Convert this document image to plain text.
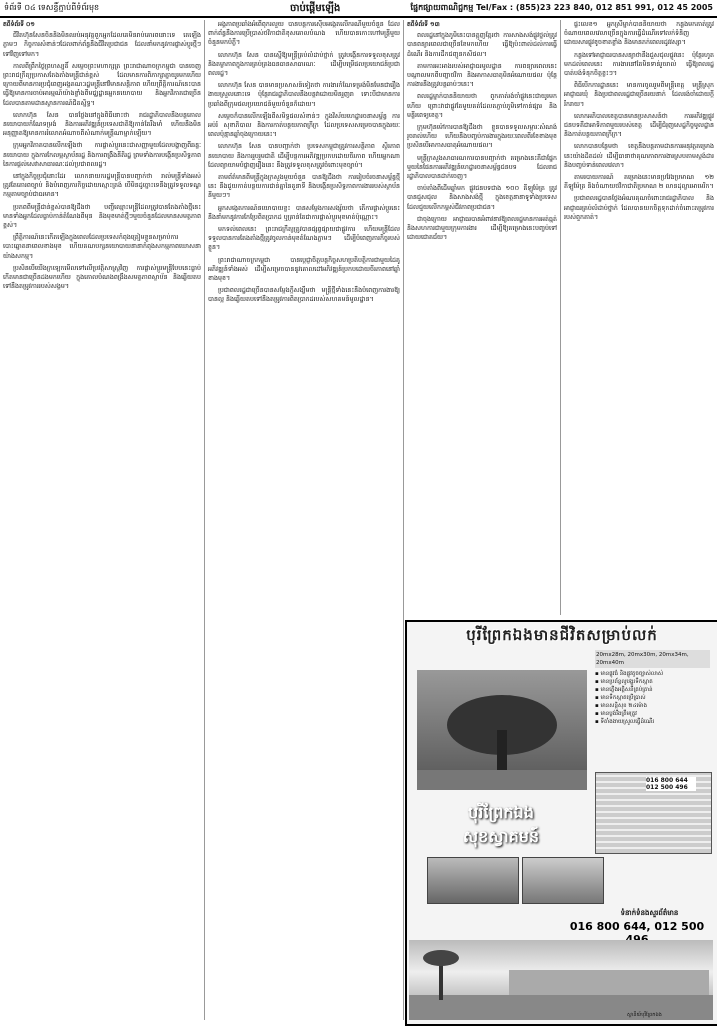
ទំព័រទី ០៤ ទេសន្ធិ៍ភ្ជាប់ពីទំព័រមុខ	ចាប់ផ្ដើមឡើង	ផ្នែកផ្សាយពាណិជ្ជកម្ម Tel/Fax : (855)23 223 840, 012 851 991, 012 45 2005
តពីទំព័រទី ០១

ជីវិតហ៊ុនសែនចិននិងមិនឈប់អនុវត្តពួកអ្នកដែលគេមិនរាប់គោរពនោះទេ គេឡើងភ្លាមៗ កិច្ចការសំខាន់ៗដែលពាក់ព័ន្ធនឹងជីវិតប្រជាជន ដែលនាំមកនូវការផ្លាស់ប្ដូរថ្មីៗ ទៅវិញទៅមក។

កាលពីព្រឹកថ្ងៃព្រហស្បតិ៍ សម្ដេចព្រះមហាក្សត្រ ព្រះរាជាណាចក្រកម្ពុជា បានចេញព្រះរាជក្រឹត្យប្រកាសតែងតាំងមន្ត្រីជាន់ខ្ពស់ ដែលមានការពិភាក្សាគ្នាយូរមកហើយ ក្រោយពីមានការប្រជុំពេញអង្គគណៈរដ្ឋមន្ត្រីនៅវិមានសន្តិភាព ហើយព្រឹត្តិការណ៍នេះបានធ្វើឱ្យមានការចាប់អារម្មណ៍យ៉ាងខ្លាំងពីមជ្ឈដ្ឋានអ្នកនយោបាយ និងអ្នកវិភាគជាច្រើន ដែលបានតាមដានស្ថានការណ៍ជិតស្និទ្ធ។

លោកហ៊ុន សែន បានថ្លែងនៅក្នុងពិធីនោះថា រាជរដ្ឋាភិបាលនឹងបន្តគោលនយោបាយកំណែទម្រង់ និងការអភិវឌ្ឍន៍ប្រទេសជាតិឱ្យកាន់តែរឹងមាំ ហើយនឹងមិនអនុញ្ញាតឱ្យមានការរំលោភអំណាចពីសំណាក់មន្ត្រីណាម្នាក់ឡើយ។

ក្រុមអ្នកវិភាគបានលើកឡើងថា ការផ្លាស់ប្ដូរនេះជាសញ្ញាមួយដែលបង្ហាញពីឆន្ទៈនយោបាយ ក្នុងការកែលម្អស្ថាប័នរដ្ឋ និងការពង្រឹងនីតិរដ្ឋ ព្រមទាំងការបង្កើនប្រសិទ្ធភាពនៃការផ្ដល់សេវាសាធារណៈដល់ប្រជាពលរដ្ឋ។

នៅក្នុងកិច្ចប្រជុំនោះដែរ លោកនាយករដ្ឋមន្ត្រីបានបញ្ជាក់ថា រាល់មន្ត្រីទាំងអស់ត្រូវតែគោរពច្បាប់ និងបំពេញភារកិច្ចដោយស្មោះត្រង់ បើមិនដូច្នោះទេនឹងត្រូវទទួលទណ្ឌកម្មតាមច្បាប់ជាធរមាន។

ប្រភពពីមន្ត្រីជាន់ខ្ពស់បានឱ្យដឹងថា បញ្ជីឈ្មោះមន្ត្រីដែលត្រូវបានតែងតាំងថ្មីនេះ មានទាំងអ្នកដែលធ្លាប់កាន់តំណែងពីមុន និងមុខមាត់ថ្មីៗមួយចំនួនដែលមានសមត្ថភាពខ្ពស់។

ព្រឹត្តិការណ៍នេះកើតឡើងក្នុងពេលដែលប្រទេសកំពុងត្រៀមខ្លួនសម្រាប់ការបោះឆ្នោតនាពេលខាងមុខ ហើយគណបក្សនយោបាយនានាកំពុងសកម្មភាពឃោសនាយ៉ាងសកម្ម។

ប្រសិនបើយើងក្រឡេកមើលទៅលើប្រវត្តិសាស្ត្រវិញ ការផ្លាស់ប្ដូរមន្ត្រីបែបនេះធ្លាប់កើតមានជាច្រើនដងមកហើយ ក្នុងគោលបំណងពង្រឹងសមត្ថភាពស្ថាប័ន និងឆ្លើយតបទៅនឹងតម្រូវការរបស់សង្គម។

អង្គភាពប្រឆាំងអំពើពុករលួយ បានបន្តការស៊ើបអង្កេតលើករណីមួយចំនួន ដែលពាក់ព័ន្ធនឹងការប្រើប្រាស់ថវិកាជាតិខុសគោលបំណង ហើយបានកោះហៅមន្ត្រីមួយចំនួនមកបំភ្លឺ។

លោកហ៊ុន សែន បានស្នើឱ្យមន្ត្រីគ្រប់លំដាប់ថ្នាក់ ត្រូវបង្កើនការទទួលខុសត្រូវ និងតម្លាភាពក្នុងការគ្រប់គ្រងធនធានសាធារណៈ ដើម្បីបម្រើផលប្រយោជន៍ប្រជាពលរដ្ឋ។

លោកហ៊ុន សែន បានមានប្រសាសន៍ទៀតថា ការងារកំណែទម្រង់មិនមែនជារឿងងាយស្រួលនោះទេ ប៉ុន្តែរាជរដ្ឋាភិបាលនឹងបន្តវាដោយមិនរួញរា ទោះបីជាមានការប្រឆាំងពីក្រុមផលប្រយោជន៍មួយចំនួនក៏ដោយ។

សម្ដេចក៏បានលើកឡើងពីសមិទ្ធផលសំខាន់ៗ ក្នុងវិស័យហេដ្ឋារចនាសម្ព័ន្ធ ការអប់រំ សុខាភិបាល និងការកាត់បន្ថយភាពក្រីក្រ ដែលប្រទេសសម្រេចបានក្នុងរយៈពេលប៉ុន្មានឆ្នាំចុងក្រោយនេះ។

លោកហ៊ុន សែន បានបញ្ជាក់ថា ប្រទេសកម្ពុជាត្រូវការសន្តិភាព ស្ថិរភាពនយោបាយ និងការរួបរួមជាតិ ដើម្បីបន្តការអភិវឌ្ឍប្រកបដោយចីរភាព ហើយអ្នកណាដែលព្យាយាមបំផ្លាញរឿងនេះ នឹងត្រូវទទួលខុសត្រូវចំពោះមុខច្បាប់។

តាមព័ត៌មានពីមន្ត្រីក្នុងក្រសួងមួយចំនួន បានឱ្យដឹងថា ការរៀបចំរចនាសម្ព័ន្ធថ្មីនេះ នឹងជួយកាត់បន្ថយការជាន់គ្នានៃតួនាទី និងបង្កើនប្រសិទ្ធភាពការងាររបស់ស្ថាប័ននីមួយៗ។

អ្នកសង្កេតការណ៍នយោបាយខ្លះ បានសម្ដែងការសង្ស័យថា តើការផ្លាស់ប្ដូរនេះ នឹងនាំមកនូវការកែប្រែពិតប្រាកដ ឬគ្រាន់តែជាការផ្លាស់ប្ដូរមុខមាត់ប៉ុណ្ណោះ។

មកទល់ពេលនេះ ព្រះរាជក្រឹត្យត្រូវបានផ្សព្វផ្សាយជាផ្លូវការ ហើយមន្ត្រីដែលទទួលបានការតែងតាំងថ្មីត្រូវចូលកាន់មុខតំណែងភ្លាមៗ ដើម្បីបំពេញភារកិច្ចរបស់ខ្លួន។

ព្រះរាជាណាចក្រកម្ពុជា បានប្ដេជ្ញាចិត្តបន្តកិច្ចសហប្រតិបត្តិការជាមួយដៃគូអភិវឌ្ឍន៍ទាំងអស់ ដើម្បីសម្រេចបាននូវគោលដៅអភិវឌ្ឍន៍ប្រកបដោយចីរភាពនៅឆ្នាំខាងមុខ។

ប្រជាពលរដ្ឋជាច្រើនបានសម្ដែងក្ដីសង្ឃឹមថា មន្ត្រីថ្មីទាំងនេះនឹងបំពេញការងារឱ្យបានល្អ និងឆ្លើយតបទៅនឹងតម្រូវការពិតប្រាកដរបស់សហគមន៍មូលដ្ឋាន។

តពីទំព័រទី ១៣

ពលរដ្ឋនៅក្នុងភូមិនេះបានត្អូញត្អែរថា ការសាងសង់ផ្លូវថ្នល់ត្រូវបានពន្យារពេលជាច្រើនខែមកហើយ ធ្វើឱ្យប៉ះពាល់ដល់ការធ្វើដំណើរ និងការដឹកជញ្ជូនកសិផល។

តាមការអះអាងរបស់អាជ្ញាធរមូលដ្ឋាន ការពន្យារពេលនេះបណ្ដាលមកពីបញ្ហាថវិកា និងអាកាសធាតុមិនអំណោយផល ប៉ុន្តែការងារនឹងត្រូវបន្តឆាប់ៗនេះ។

ពលរដ្ឋម្នាក់បាននិយាយថា ពួកគាត់រង់ចាំផ្លូវនេះជាយូរមកហើយ ព្រោះវាជាផ្លូវតែមួយគត់ដែលតភ្ជាប់ភូមិទៅកាន់ផ្សារ និងមន្ទីរពេទ្យខេត្ត។

ក្រុមហ៊ុនម៉ៅការបានឱ្យដឹងថា ខ្លួនបានទទួលសម្ភារៈសំណង់រួចរាល់ហើយ ហើយនឹងបញ្ចប់ការងារក្នុងរយៈពេលពីរខែខាងមុខ ប្រសិនបើអាកាសធាតុអំណោយផល។

មន្ត្រីក្រសួងសាធារណការបានបញ្ជាក់ថា គម្រោងនេះគឺជាផ្នែកមួយនៃផែនការអភិវឌ្ឍន៍ហេដ្ឋារចនាសម្ព័ន្ធជនបទ ដែលរាជរដ្ឋាភិបាលបានដាក់ចេញ។

ចាប់តាំងពីដើមឆ្នាំមក ផ្លូវជនបទជាង ១០០ គីឡូម៉ែត្រ ត្រូវបានជួសជុល និងសាងសង់ថ្មី ក្នុងខេត្តនានាទូទាំងប្រទេស ដែលជួយលើកកម្ពស់ជីវភាពប្រជាជន។

ជាចុងក្រោយ អាជ្ញាធរបានអំពាវនាវឱ្យពលរដ្ឋមានការអត់ធ្មត់ និងសហការជាមួយក្រុមការងារ ដើម្បីឱ្យគម្រោងនេះបញ្ចប់ទៅដោយជោគជ័យ។

ផ្ទះលេខ១ អ្នកស្រីម្នាក់បាននិយាយថា កន្លងមកគាត់ត្រូវចំណាយពេលវេលាច្រើនក្នុងការធ្វើដំណើរទៅលក់ទំនិញ ដោយសារផ្លូវខូចខាតខ្លាំង និងមានភក់ពេលរដូវវស្សា។

កន្លងទៅអាជ្ញាធរបានសន្យាថានឹងជួសជុលផ្លូវនេះ ប៉ុន្តែរហូតមកដល់ពេលនេះ ការងារនៅតែមិនទាន់រួចរាល់ ធ្វើឱ្យពលរដ្ឋបាត់បង់ទំនុកចិត្តខ្លះៗ។

ពិធីបើកការដ្ឋាននេះ មានការចូលរួមពីមន្ត្រីខេត្ត មន្ត្រីស្រុក អាជ្ញាធរឃុំ និងប្រជាពលរដ្ឋជាច្រើនរយនាក់ ដែលរង់ចាំដោយក្ដីរីករាយ។

លោកអភិបាលខេត្តបានមានប្រសាសន៍ថា ការអភិវឌ្ឍផ្លូវជនបទគឺជាអាទិភាពមួយរបស់ខេត្ត ដើម្បីជំរុញសេដ្ឋកិច្ចមូលដ្ឋាន និងកាត់បន្ថយភាពក្រីក្រ។

លោកបានបន្ថែមថា ខេត្តនឹងបន្តតាមដានការអនុវត្តគម្រោងនេះយ៉ាងដិតដល់ ដើម្បីធានាថាគុណភាពការងារស្របតាមស្តង់ដារ និងបញ្ចប់ទាន់ពេលវេលា។

តាមរបាយការណ៍ គម្រោងនេះមានប្រវែងប្រមាណ ១២ គីឡូម៉ែត្រ និងចំណាយថវិកាជាតិប្រមាណ ២ លានដុល្លារអាមេរិក។

ប្រជាពលរដ្ឋបានថ្លែងអំណរគុណចំពោះរាជរដ្ឋាភិបាល និងអាជ្ញាធរគ្រប់លំដាប់ថ្នាក់ ដែលបានយកចិត្តទុកដាក់ចំពោះតម្រូវការរបស់ពួកគាត់។

បុរីព្រែកឯងមានជីវិតសម្រាប់លក់
បុរីព្រែកឯង
សុខស្វាគមន៍
20mx28m, 20mx30m, 20mx34m, 20mx40m
▪ មានផ្លូវធំ និងផ្លូវតូចច្បាស់លាស់
▪ មានប្រព័ន្ធលូបង្ហូរទឹកស្អាត
▪ មានភ្លើងអគ្គិសនីគ្រប់គ្រាន់
▪ មានទឹកស្អាតប្រើប្រាស់
▪ មានសន្តិសុខ ២៤ម៉ោង
▪ មានប្លង់រឹងត្រឹមត្រូវ
▪ ទីតាំងងាយស្រួលធ្វើដំណើរ
016 800 644
012 500 496
ទំនាក់ទំនងសួរព័ត៌មាន
016 800 644, 012 500
ស្ថានីយ៍បុរីព្រែកឯង
